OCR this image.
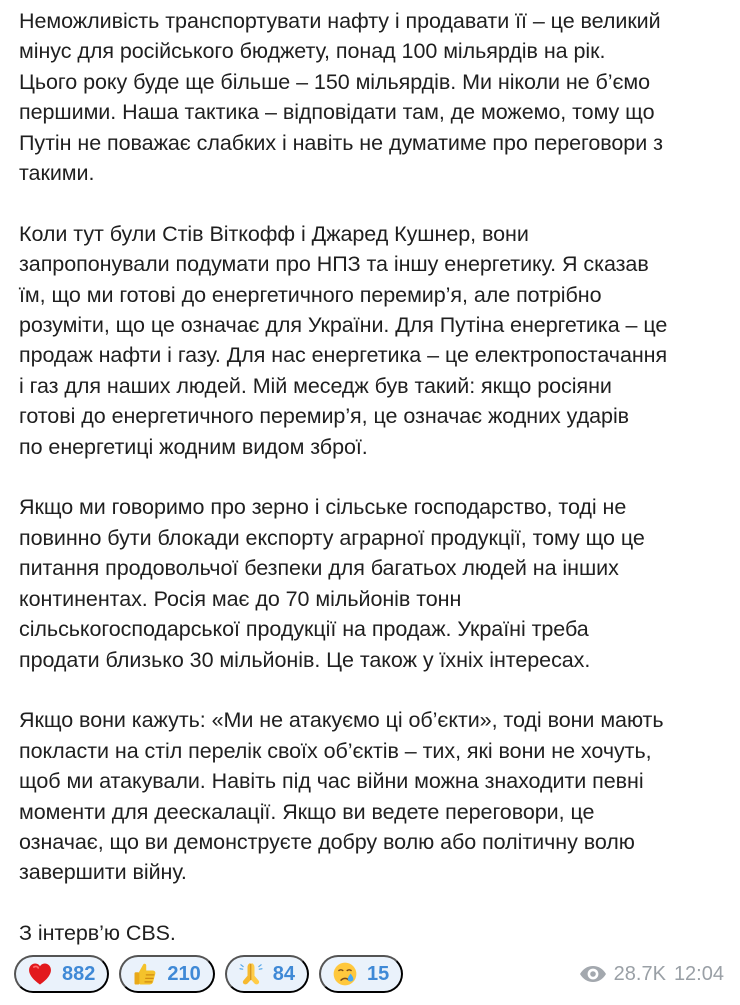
Неможливість транспортувати нафту і продавати її – це великий
мінус для російського бюджету, понад 100 мільярдів на рік.
Цього року буде ще більше – 150 мільярдів. Ми ніколи не б’ємо
першими. Наша тактика – відповідати там, де можемо, тому що
Путін не поважає слабких і навіть не думатиме про переговори з
такими.

Коли тут були Стів Віткофф і Джаред Кушнер, вони
запропонували подумати про НПЗ та іншу енергетику. Я сказав
їм, що ми готові до енергетичного перемир’я, але потрібно
розуміти, що це означає для України. Для Путіна енергетика – це
продаж нафти і газу. Для нас енергетика – це електропостачання
і газ для наших людей. Мій меседж був такий: якщо росіяни
готові до енергетичного перемир’я, це означає жодних ударів
по енергетиці жодним видом зброї.

Якщо ми говоримо про зерно і сільське господарство, тоді не
повинно бути блокади експорту аграрної продукції, тому що це
питання продовольчої безпеки для багатьох людей на інших
континентах. Росія має до 70 мільйонів тонн
сільськогосподарської продукції на продаж. Україні треба
продати близько 30 мільйонів. Це також у їхніх інтересах.

Якщо вони кажуть: «Ми не атакуємо ці об’єкти», тоді вони мають
покласти на стіл перелік своїх об’єктів – тих, які вони не хочуть,
щоб ми атакували. Навіть під час війни можна знаходити певні
моменти для деескалації. Якщо ви ведете переговори, це
означає, що ви демонструєте добру волю або політичну волю
завершити війну.

З інтерв’ю CBS.

882	210	84	15	28.7K 12:04
